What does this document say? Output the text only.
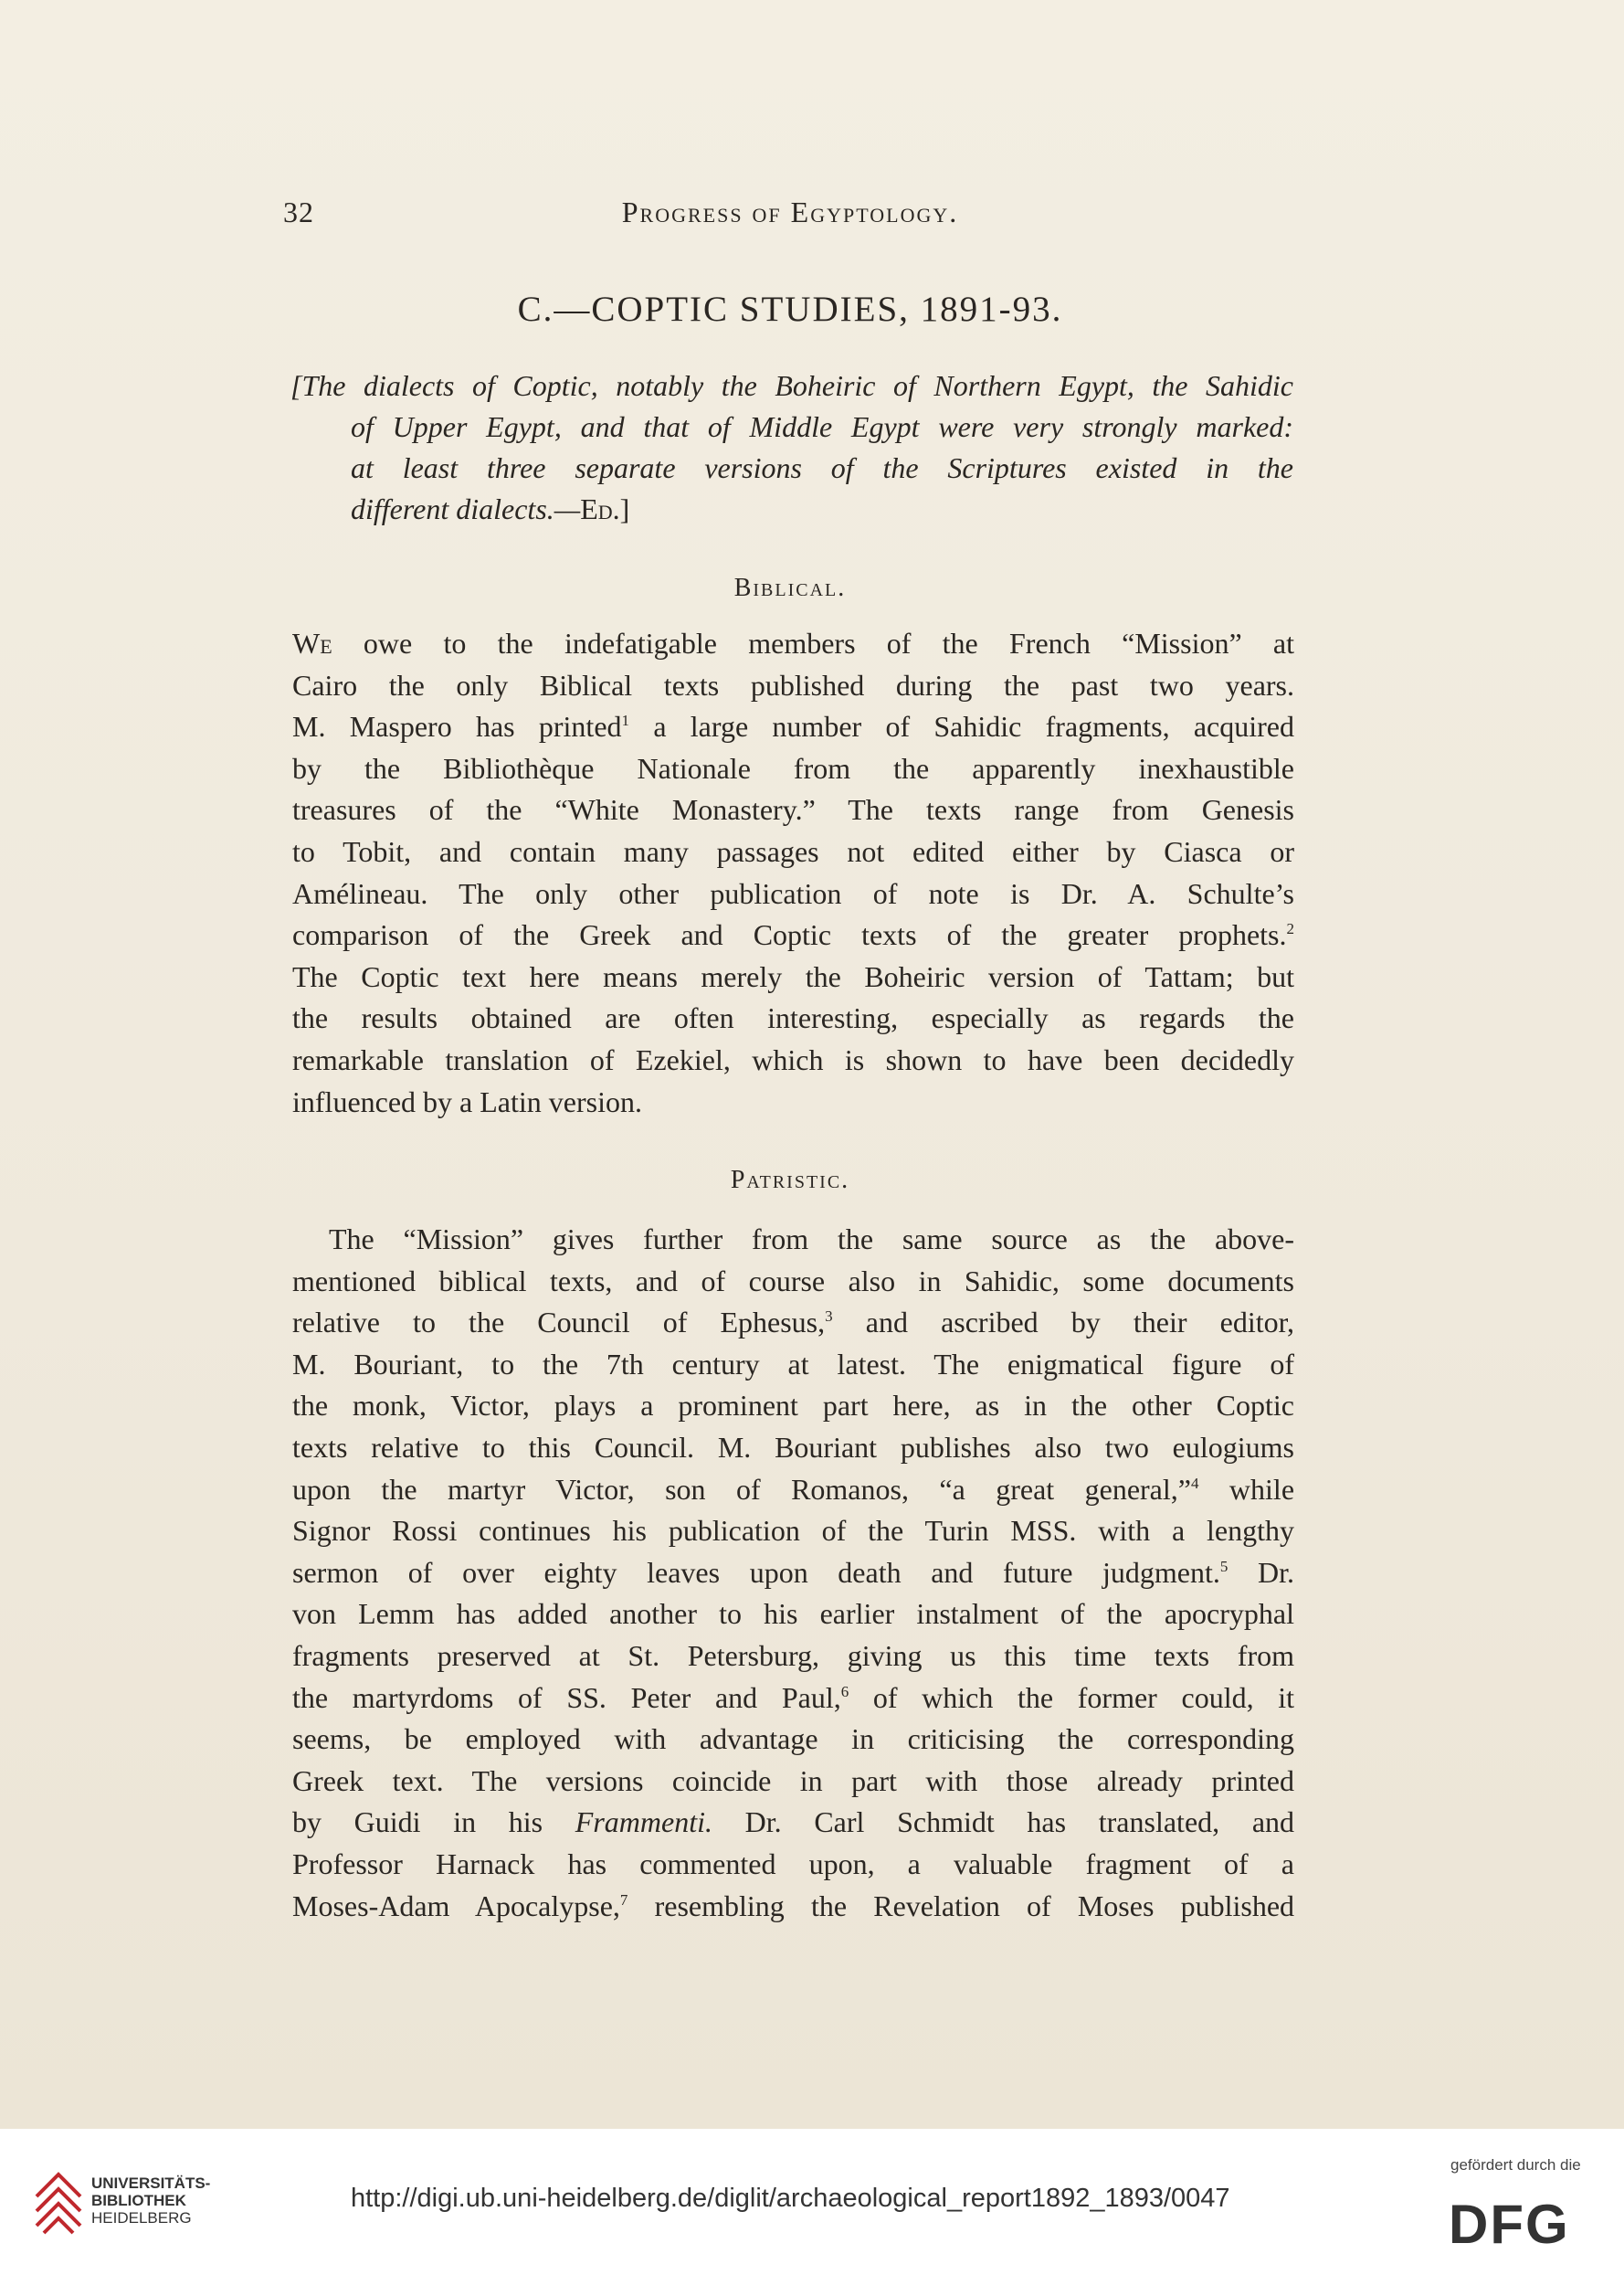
32	Progress of Egyptology.
C.—COPTIC STUDIES, 1891-93.
[The dialects of Coptic, notably the Boheiric of Northern Egypt, the Sahidic
of Upper Egypt, and that of Middle Egypt were very strongly marked:
at least three separate versions of the Scriptures existed in the
different dialects.—Ed.]
Biblical.
We owe to the indefatigable members of the French “Mission” at
Cairo the only Biblical texts published during the past two years.
M. Maspero has printed$^1$ a large number of Sahidic fragments, acquired
by the Bibliothèque Nationale from the apparently inexhaustible
treasures of the “White Monastery.” The texts range from Genesis
to Tobit, and contain many passages not edited either by Ciasca or
Amélineau. The only other publication of note is Dr. A. Schulte’s
comparison of the Greek and Coptic texts of the greater prophets.$^2$
The Coptic text here means merely the Boheiric version of Tattam; but
the results obtained are often interesting, especially as regards the
remarkable translation of Ezekiel, which is shown to have been decidedly
influenced by a Latin version.
Patristic.
The “Mission” gives further from the same source as the above-
mentioned biblical texts, and of course also in Sahidic, some documents
relative to the Council of Ephesus,$^3$ and ascribed by their editor,
M. Bouriant, to the 7th century at latest. The enigmatical figure of
the monk, Victor, plays a prominent part here, as in the other Coptic
texts relative to this Council. M. Bouriant publishes also two eulogiums
upon the martyr Victor, son of Romanos, “a great general,”$^4$ while
Signor Rossi continues his publication of the Turin MSS. with a lengthy
sermon of over eighty leaves upon death and future judgment.$^5$ Dr.
von Lemm has added another to his earlier instalment of the apocryphal
fragments preserved at St. Petersburg, giving us this time texts from
the martyrdoms of SS. Peter and Paul,$^6$ of which the former could, it
seems, be employed with advantage in criticising the corresponding
Greek text. The versions coincide in part with those already printed
by Guidi in his Frammenti. Dr. Carl Schmidt has translated, and
Professor Harnack has commented upon, a valuable fragment of a
Moses-Adam Apocalypse,$^7$ resembling the Revelation of Moses published
UNIVERSITÄTS-
BIBLIOTHEK
HEIDELBERG
http://digi.ub.uni-heidelberg.de/diglit/archaeological_report1892_1893/0047
gefördert durch die
DFG
